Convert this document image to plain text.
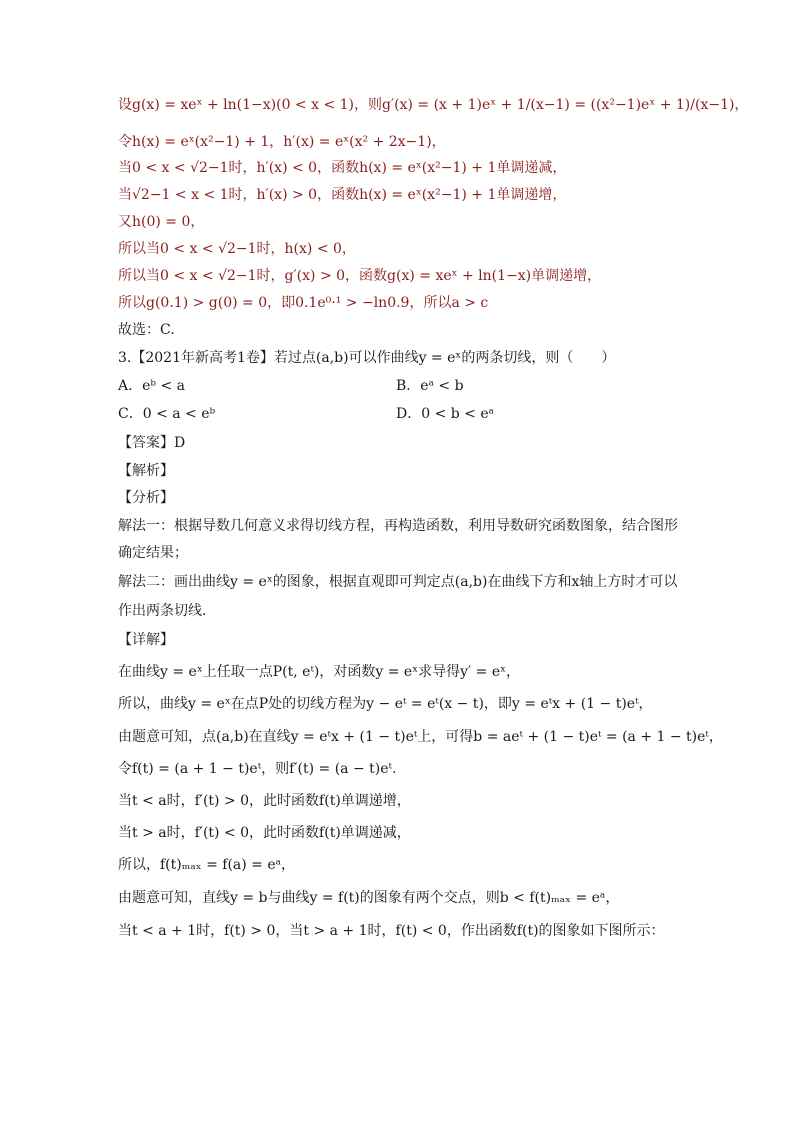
设g(x) = xeˣ + ln(1−x)(0 < x < 1)，则g′(x) = (x + 1)eˣ + 1/(x−1) = ((x²−1)eˣ + 1)/(x−1)，
令h(x) = eˣ(x²−1) + 1，h′(x) = eˣ(x² + 2x−1)，
当0 < x < √2−1时，h′(x) < 0，函数h(x) = eˣ(x²−1) + 1单调递减，
当√2−1 < x < 1时，h′(x) > 0，函数h(x) = eˣ(x²−1) + 1单调递增，
又h(0) = 0，
所以当0 < x < √2−1时，h(x) < 0，
所以当0 < x < √2−1时，g′(x) > 0，函数g(x) = xeˣ + ln(1−x)单调递增，
所以g(0.1) > g(0) = 0，即0.1e⁰·¹ > −ln0.9，所以a > c
故选：C.
3.【2021年新高考1卷】若过点(a,b)可以作曲线y = eˣ的两条切线，则（　　）
A．eᵇ < a	B．eᵃ < b
C．0 < a < eᵇ	D．0 < b < eᵃ
【答案】D
【解析】
【分析】
解法一：根据导数几何意义求得切线方程，再构造函数，利用导数研究函数图象，结合图形
确定结果；
解法二：画出曲线y = eˣ的图象，根据直观即可判定点(a,b)在曲线下方和x轴上方时才可以
作出两条切线.
【详解】
在曲线y = eˣ上任取一点P(t, eᵗ)，对函数y = eˣ求导得y′ = eˣ，
所以，曲线y = eˣ在点P处的切线方程为y − eᵗ = eᵗ(x − t)，即y = eᵗx + (1 − t)eᵗ，
由题意可知，点(a,b)在直线y = eᵗx + (1 − t)eᵗ上，可得b = aeᵗ + (1 − t)eᵗ = (a + 1 − t)eᵗ，
令f(t) = (a + 1 − t)eᵗ，则f′(t) = (a − t)eᵗ.
当t < a时，f′(t) > 0，此时函数f(t)单调递增，
当t > a时，f′(t) < 0，此时函数f(t)单调递减，
所以，f(t)ₘₐₓ = f(a) = eᵃ，
由题意可知，直线y = b与曲线y = f(t)的图象有两个交点，则b < f(t)ₘₐₓ = eᵃ，
当t < a + 1时，f(t) > 0，当t > a + 1时，f(t) < 0，作出函数f(t)的图象如下图所示：
